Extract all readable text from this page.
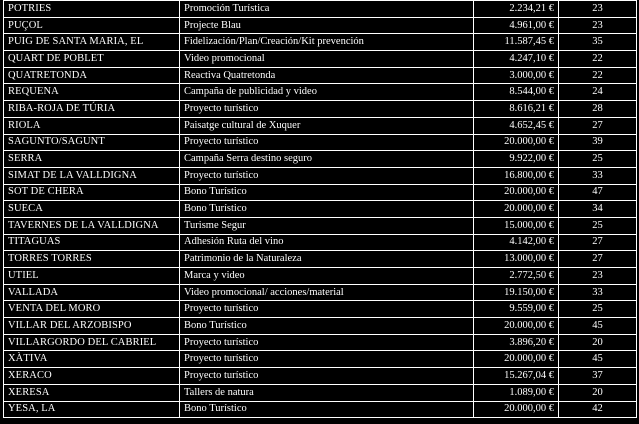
POTRIES	Promoción Turística	2.234,21 €	23
PUÇOL	Projecte Blau	4.961,00 €	23
PUIG DE SANTA MARIA, EL	Fidelización/Plan/Creación/Kit prevención	11.587,45 €	35
QUART DE POBLET	Video promocional	4.247,10 €	22
QUATRETONDA	Reactiva Quatretonda	3.000,00 €	22
REQUENA	Campaña de publicidad y video	8.544,00 €	24
RIBA-ROJA DE TÚRIA	Proyecto turístico	8.616,21 €	28
RIOLA	Paisatge cultural de Xuquer	4.652,45 €	27
SAGUNTO/SAGUNT	Proyecto turístico	20.000,00 €	39
SERRA	Campaña Serra destino seguro	9.922,00 €	25
SIMAT DE LA VALLDIGNA	Proyecto turístico	16.800,00 €	33
SOT DE CHERA	Bono Turístico	20.000,00 €	47
SUECA	Bono Turístico	20.000,00 €	34
TAVERNES DE LA VALLDIGNA	Turisme Segur	15.000,00 €	25
TITAGUAS	Adhesión Ruta del vino	4.142,00 €	27
TORRES TORRES	Patrimonio de la Naturaleza	13.000,00 €	27
UTIEL	Marca y video	2.772,50 €	23
VALLADA	Video promocional/ acciones/material	19.150,00 €	33
VENTA DEL MORO	Proyecto turístico	9.559,00 €	25
VILLAR DEL ARZOBISPO	Bono Turístico	20.000,00 €	45
VILLARGORDO DEL CABRIEL	Proyecto turístico	3.896,20 €	20
XÀTIVA	Proyecto turístico	20.000,00 €	45
XERACO	Proyecto turístico	15.267,04 €	37
XERESA	Tallers de natura	1.089,00 €	20
YESA, LA	Bono Turístico	20.000,00 €	42
